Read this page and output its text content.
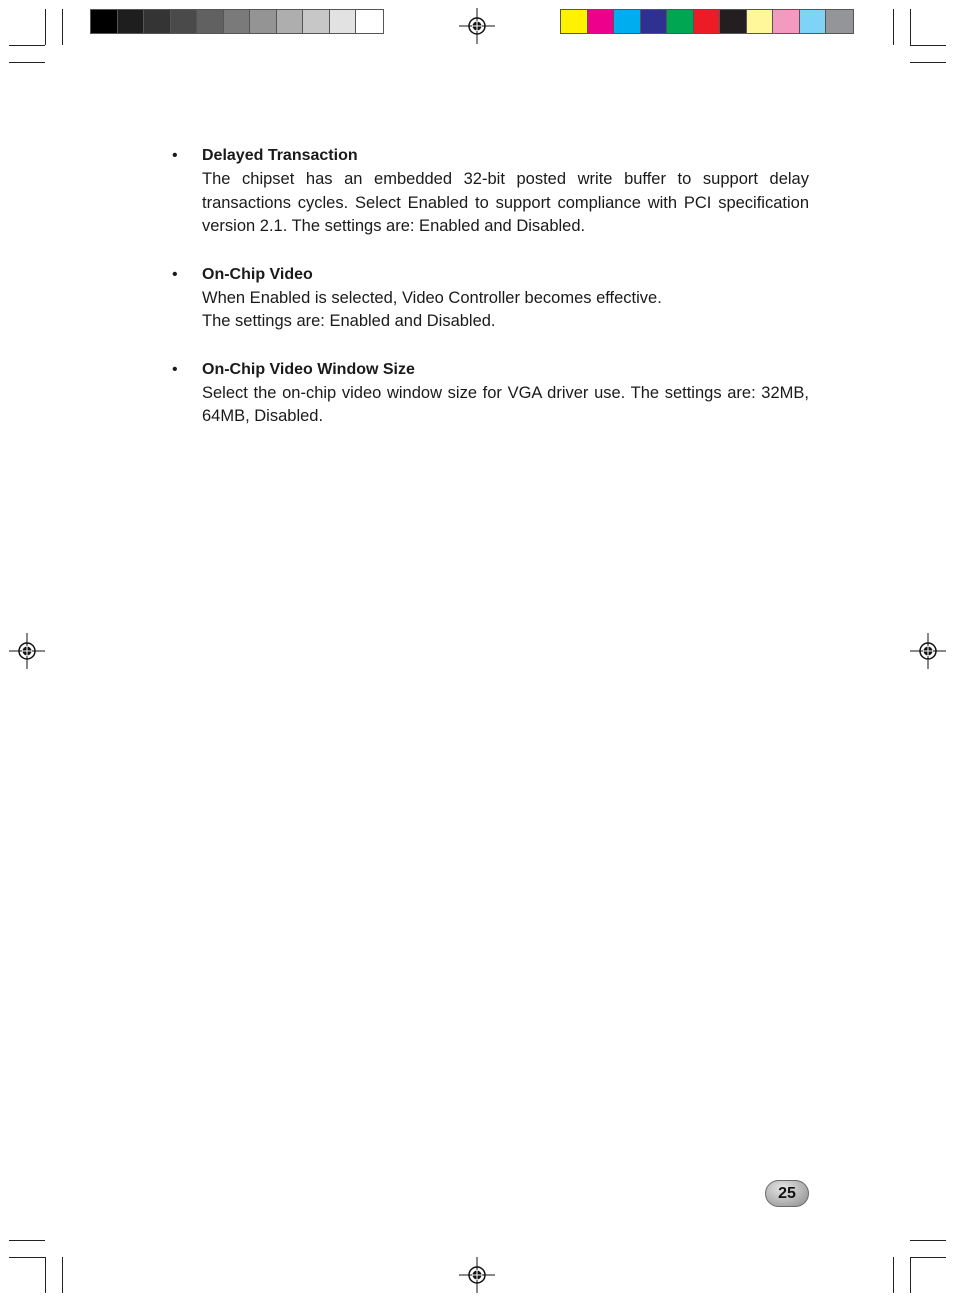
• Delayed Transaction

The chipset has an embedded 32-bit posted write buffer to support delay transactions cycles. Select Enabled to support compliance with PCI specification version 2.1. The settings are: Enabled and Disabled.

• On-Chip Video

When Enabled is selected, Video Controller becomes effective.

The settings are: Enabled and Disabled.

• On-Chip Video Window Size

Select the on-chip video window size for VGA driver use. The settings are: 32MB, 64MB, Disabled.

25
